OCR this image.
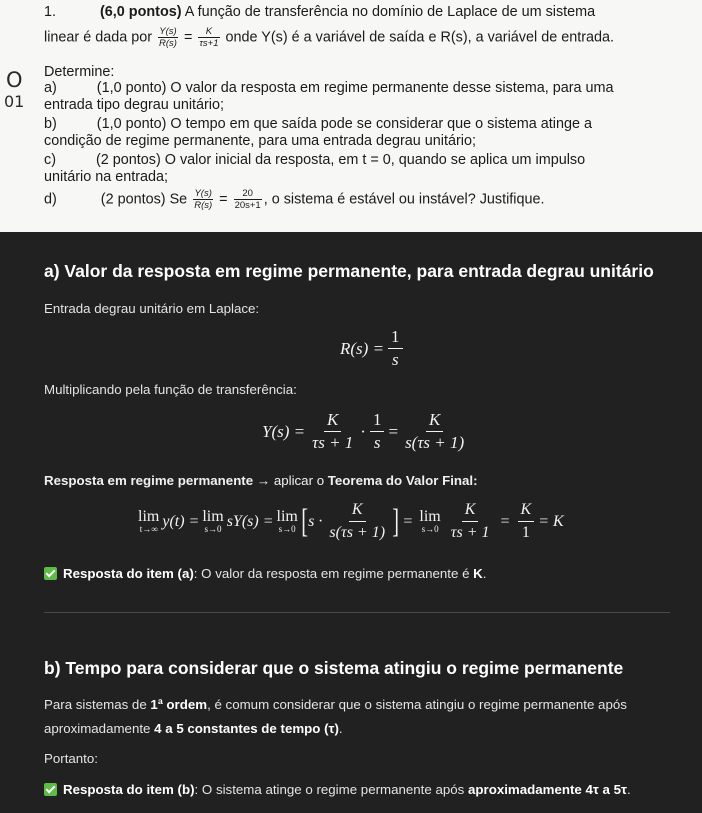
1.	(6,0 pontos) A função de transferência no domínio de Laplace de um sistema
linear é dada por $\frac{Y(s)}{R(s)} = \frac{K}{\tau s+1}$ onde Y(s) é a variável de saída e R(s), a variável de entrada.
Determine:
a)	(1,0 ponto) O valor da resposta em regime permanente desse sistema, para uma
entrada tipo degrau unitário;
b)	(1,0 ponto) O tempo em que saída pode se considerar que o sistema atinge a
condição de regime permanente, para uma entrada degrau unitário;
c)	(2 pontos) O valor inicial da resposta, em t = 0, quando se aplica um impulso
unitário na entrada;
d)	(2 pontos) Se $\frac{Y(s)}{R(s)} = \frac{20}{20s+1}$ , o sistema é estável ou instável? Justifique.
O
01
a) Valor da resposta em regime permanente, para entrada degrau unitário
Entrada degrau unitário em Laplace:
$R(s) = \frac{1}{s}$
Multiplicando pela função de transferência:
$Y(s) = \frac{K}{\tau s + 1} \cdot \frac{1}{s} = \frac{K}{s(\tau s + 1)}$
Resposta em regime permanente → aplicar o Teorema do Valor Final:
lim
t→∞ y(t) = lim
s→0 sY(s) = lim
s→0 [ s ·
K
s(τs + 1) ] = lim
$s\to 0 \frac{K}{\tau s + 1} = \frac{K}{1} = K$
Resposta do item (a): O valor da resposta em regime permanente é K.
b) Tempo para considerar que o sistema atingiu o regime permanente
Para sistemas de 1ª ordem, é comum considerar que o sistema atingiu o regime permanente após
aproximadamente 4 a 5 constantes de tempo (τ).
Portanto:
Resposta do item (b): O sistema atinge o regime permanente após aproximadamente 4τ a 5τ.
